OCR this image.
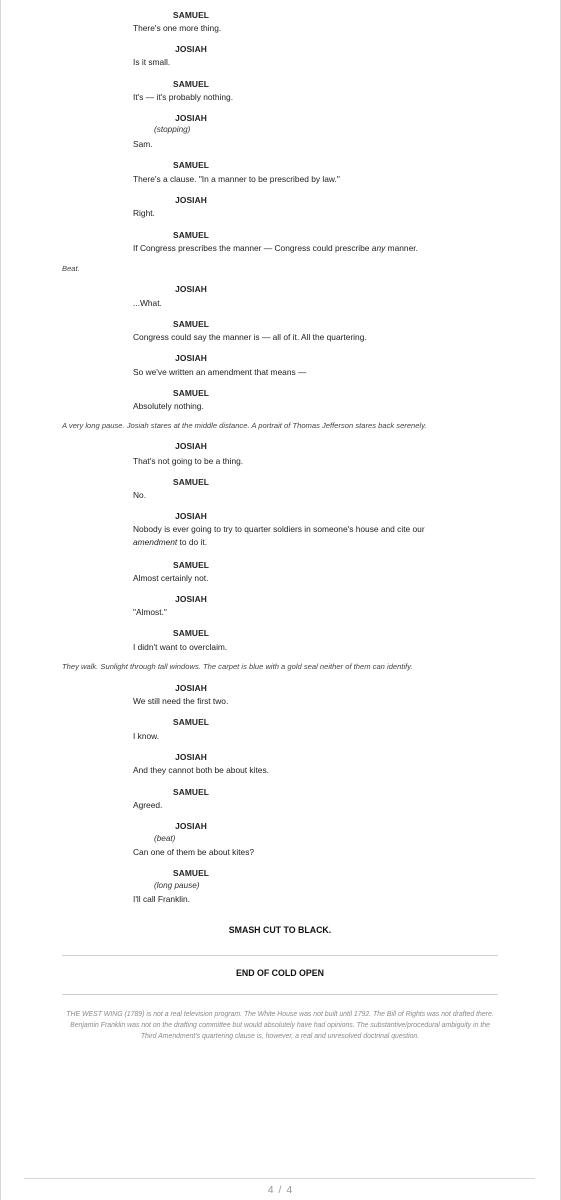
SAMUEL
There's one more thing.
JOSIAH
Is it small.
SAMUEL
It's — it's probably nothing.
JOSIAH
(stopping)
Sam.
SAMUEL
There's a clause. "In a manner to be prescribed by law."
JOSIAH
Right.
SAMUEL
If Congress prescribes the manner — Congress could prescribe any manner.
Beat.
JOSIAH
...What.
SAMUEL
Congress could say the manner is — all of it. All the quartering.
JOSIAH
So we've written an amendment that means —
SAMUEL
Absolutely nothing.
A very long pause. Josiah stares at the middle distance. A portrait of Thomas Jefferson stares back serenely.
JOSIAH
That's not going to be a thing.
SAMUEL
No.
JOSIAH
Nobody is ever going to try to quarter soldiers in someone's house and cite our
amendment to do it.
SAMUEL
Almost certainly not.
JOSIAH
"Almost."
SAMUEL
I didn't want to overclaim.
They walk. Sunlight through tall windows. The carpet is blue with a gold seal neither of them can identify.
JOSIAH
We still need the first two.
SAMUEL
I know.
JOSIAH
And they cannot both be about kites.
SAMUEL
Agreed.
JOSIAH
(beat)
Can one of them be about kites?
SAMUEL
(long pause)
I'll call Franklin.
SMASH CUT TO BLACK.
END OF COLD OPEN
THE WEST WING (1789) is not a real television program. The White House was not built until 1792. The Bill of Rights was not drafted there. Benjamin Franklin was not on the drafting committee but would absolutely have had opinions. The substantive/procedural ambiguity in the Third Amendment's quartering clause is, however, a real and unresolved doctrinal question.
4 / 4
